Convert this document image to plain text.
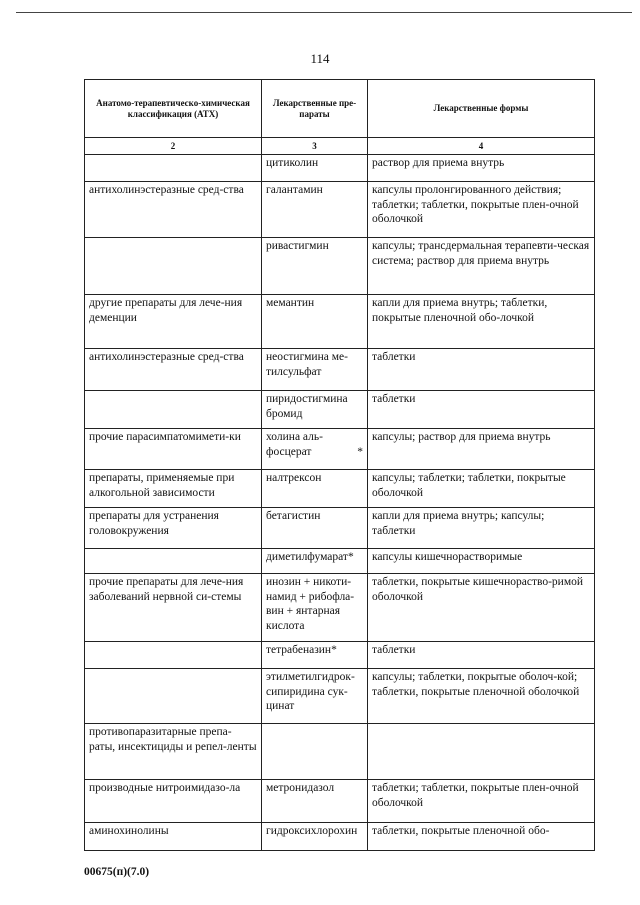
114
Анатомо-терапевтическо-химическая классификация (АТХ)	Лекарственные пре-параты	Лекарственные формы
2	3	4
	цитиколин	раствор для приема внутрь
антихолинэстеразные сред-ства	галантамин	капсулы пролонгированного действия; таблетки; таблетки, покрытые плен-очной оболочкой
	ривастигмин	капсулы; трансдермальная терапевти-ческая система; раствор для приема внутрь
другие препараты для лече-ния деменции	мемантин	капли для приема внутрь; таблетки, покрытые пленочной обо-лочкой
антихолинэстеразные сред-ства	неостигмина ме-тилсульфат	таблетки
	пиридостигмина бромид	таблетки
прочие парасимпатомимети-ки	холина аль- фосцерат *	капсулы; раствор для приема внутрь
препараты, применяемые при алкогольной зависимости	налтрексон	капсулы; таблетки; таблетки, покрытые оболочкой
препараты для устранения головокружения	бетагистин	капли для приема внутрь; капсулы; таблетки
	диметилфумарат*	капсулы кишечнорастворимые
прочие препараты для лече-ния заболеваний нервной си-стемы	инозин + никоти-намид + рибофла-вин + янтарная кислота	таблетки, покрытые кишечнораство-римой оболочкой
	тетрабеназин*	таблетки
	этилметилгидрок-сипиридина сук-цинат	капсулы; таблетки, покрытые оболоч-кой; таблетки, покрытые пленочной оболочкой
противопаразитарные препа-раты, инсектициды и репел-ленты		
производные нитроимидазо-ла	метронидазол	таблетки; таблетки, покрытые плен-очной оболочкой
аминохинолины	гидроксихлорохин	таблетки, покрытые пленочной обо-
00675(п)(7.0)
